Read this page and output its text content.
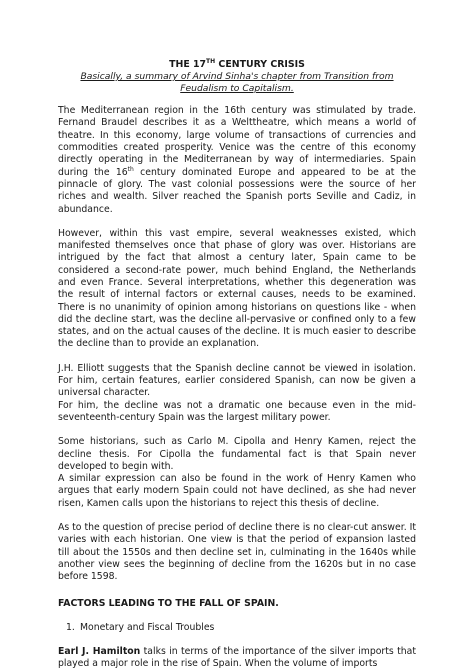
THE 17TH CENTURY CRISIS

Basically, a summary of Arvind Sinha's chapter from Transition from Feudalism to Capitalism.

The Mediterranean region in the 16th century was stimulated by trade. Fernand Braudel describes it as a Welttheatre, which means a world of theatre. In this economy, large volume of transactions of currencies and commodities created prosperity. Venice was the centre of this economy directly operating in the Mediterranean by way of intermediaries. Spain during the 16th century dominated Europe and appeared to be at the pinnacle of glory. The vast colonial possessions were the source of her riches and wealth. Silver reached the Spanish ports Seville and Cadiz, in abundance.

However, within this vast empire, several weaknesses existed, which manifested themselves once that phase of glory was over. Historians are intrigued by the fact that almost a century later, Spain came to be considered a second-rate power, much behind England, the Netherlands and even France. Several interpretations, whether this degeneration was the result of internal factors or external causes, needs to be examined. There is no unanimity of opinion among historians on questions like - when did the decline start, was the decline all-pervasive or confined only to a few states, and on the actual causes of the decline. It is much easier to describe the decline than to provide an explanation.

J.H. Elliott suggests that the Spanish decline cannot be viewed in isolation. For him, certain features, earlier considered Spanish, can now be given a universal character.

For him, the decline was not a dramatic one because even in the mid-seventeenth-century Spain was the largest military power.

Some historians, such as Carlo M. Cipolla and Henry Kamen, reject the decline thesis. For Cipolla the fundamental fact is that Spain never developed to begin with.

A similar expression can also be found in the work of Henry Kamen who argues that early modern Spain could not have declined, as she had never risen, Kamen calls upon the historians to reject this thesis of decline.

As to the question of precise period of decline there is no clear-cut answer. It varies with each historian. One view is that the period of expansion lasted till about the 1550s and then decline set in, culminating in the 1640s while another view sees the beginning of decline from the 1620s but in no case before 1598.

FACTORS LEADING TO THE FALL OF SPAIN.

1. Monetary and Fiscal Troubles

Earl J. Hamilton talks in terms of the importance of the silver imports that played a major role in the rise of Spain. When the volume of imports
